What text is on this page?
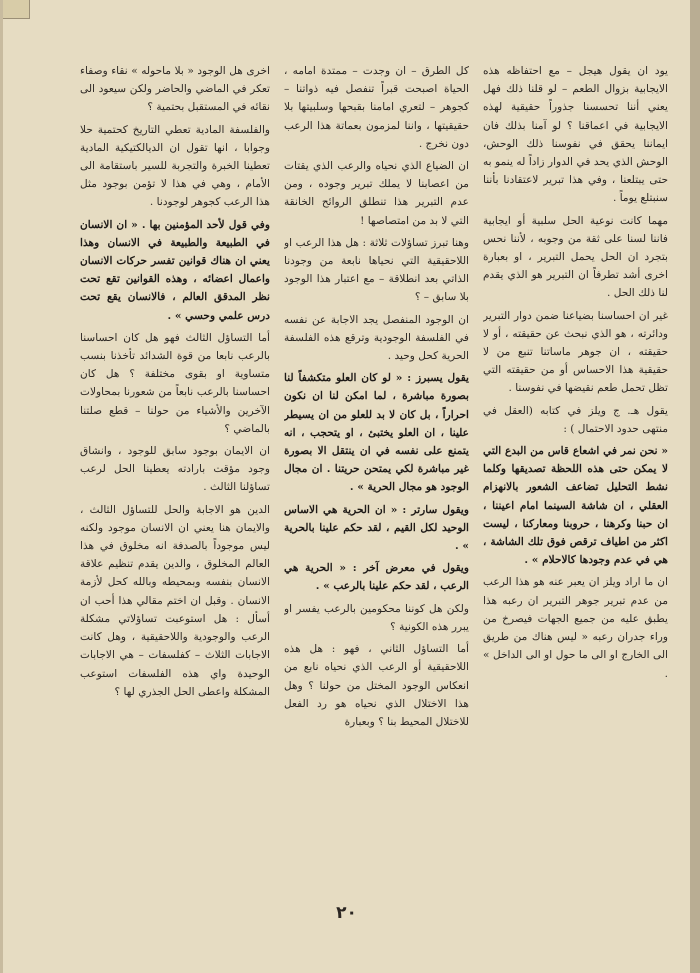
يود ان يقول هيجل – مع احتفاظه هذه الايجابية بزوال الطعم – لو قلنا ذلك فهل يعني أننا تحسسنا جذوراً حقيقية لهذه الايجابية في اعماقنا ؟ لو آمنا بذلك فان ايماننا يحقق في نفوسنا ذلك الوحش، الوحش الذي يحد في الدوار زاداً له ينمو به حتى يبتلعنا ، وفي هذا تبرير لاعتقادنا بأننا سنبتلع يوماً .

مهما كانت نوعية الحل سلبية أو ايجابية فاننا لسنا على ثقة من وجوبه ، لأننا نحس بتجرد ان الحل يحمل التبرير ، او بعبارة اخرى أشد تطرفاً ان التبرير هو الذي يقدم لنا ذلك الحل .

غير ان احساسنا بضياعنا ضمن دوار التبرير ودائرته ، هو الذي نبحث عن حقيقته ، أو لا حقيقته ، ان جوهر ماساتنا تنبع من لا حقيقية هذا الاحساس أو من حقيقته التي تظل تحمل طعم نقيضها في نفوسنا .

يقول هـ. ج ويلز في كتابه (العقل في منتهى حدود الاحتمال ) :

« نحن نمر في اشعاع قاس من البدع التي لا يمكن حتى هذه اللحظة تصديقها وكلما نشط التحليل تضاعف الشعور بالانهزام العقلي ، ان شاشة السينما امام اعيننا ، ان حبنا وكرهنا ، حروبنا ومعاركنا ، ليست اكثر من اطياف ترقص فوق تلك الشاشة ، هي في عدم وجودها كالاحلام » .

ان ما اراد ويلز ان يعبر عنه هو هذا الرعب من عدم تبرير جوهر التبرير ان رعبه هذا يطبق عليه من جميع الجهات فيصرخ من وراء جدران رعبه « ليس هناك من طريق الى الخارج او الى ما حول او الى الداخل » .

كل الطرق – ان وجدت – ممتدة امامه ، الحياة اصبحت قبراً تنفصل فيه ذواتنا – كجوهر – لتعري امامنا بقبحها وسلبيتها بلا حقيقيتها ، واننا لمزمون بعماتة هذا الرعب دون نخرج .

ان الضياع الذي نحياه والرعب الذي يقتات من اعصابنا لا يملك تبرير وجوده ، ومن عدم التبرير هذا تنطلق الروائح الخانقة التي لا بد من امتصاصها !

وهنا تبرز تساؤلات ثلاثة : هل هذا الرعب او اللاحقيقية التي نحياها نابعة من وجودنا الذاتي بعد انطلاقة – مع اعتبار هذا الوجود بلا سابق – ؟

ان الوجود المنفصل يجد الاجابة عن نفسه في الفلسفة الوجودية وترقع هذه الفلسفة الحرية كحل وحيد .

يقول يسبرز : « لو كان العلو متكشفاً لنا بصورة مباشرة ، لما امكن لنا ان نكون احراراً ، بل كان لا بد للعلو من ان يسيطر علينا ، ان العلو يختبئ ، او يتحجب ، انه يتمنع على نفسه في ان ينتقل الا بصورة غير مباشرة لكي يمتحن حريتنا . ان مجال الوجود هو مجال الحرية » .

ويقول سارتر : « ان الحرية هي الاساس الوحيد لكل القيم ، لقد حكم علينا بالحرية » .

ويقول في معرض آخر : « الحرية هي الرعب ، لقد حكم علينا بالرعب » .

ولكن هل كوننا محكومين بالرعب يفسر او يبرر هذه الكونية ؟

أما التساؤل الثاني ، فهو : هل هذه اللاحقيقية أو الرعب الذي نحياه نابع من انعكاس الوجود المختل من حولنا ؟ وهل هذا الاختلال الذي نحياه هو رد الفعل للاختلال المحيط بنا ؟ وبعبارة

اخرى هل الوجود « بلا ماحوله » نقاء وصفاء تعكر في الماضي والحاضر ولكن سيعود الى نقائه في المستقبل بحتمية ؟

والفلسفة المادية تعطي التاريخ كحتمية حلا وجوابا ، انها تقول ان الديالكتيكية المادية تعطينا الخبرة والتجربة للسير باستقامة الى الأمام ، وهي في هذا لا تؤمن بوجود مثل هذا الرعب كجوهر لوجودنا .

وفي قول لأحد المؤمنين بها . « ان الانسان في الطبيعة والطبيعة في الانسان وهذا يعني ان هناك قوانين تفسر حركات الانسان واعمال اعضائه ، وهذه القوانين تقع تحت نظر المدقق العالم ، فالانسان يقع تحت درس علمي وحسي » .

أما التساؤل الثالث فهو هل كان احساسنا بالرعب نابعا من قوة الشدائد تأخذنا بنسب متساوية او بقوى مختلفة ؟ هل كان احساسنا بالرعب نابعاً من شعورنا بمحاولات الآخرين والأشياء من حولنا – قطع صلتنا بالماضي ؟

ان الايمان بوجود سابق للوجود ، وانشاق وجود مؤقت بارادته يعطينا الحل لرعب تساؤلنا الثالث .

الدين هو الاجابة والحل للتساؤل الثالث ، والايمان هنا يعني ان الانسان موجود ولكنه ليس موجوداً بالصدفة انه مخلوق في هذا العالم المخلوق ، والدين يقدم تنظيم علاقة الانسان بنفسه وبمحيطه وبالله كحل لأزمة الانسان . وقبل ان اختم مقالي هذا أحب ان أسأل : هل استوعبت تساؤلاتي مشكلة الرعب والوجودية واللاحقيقية ، وهل كانت الاجابات الثلاث – كفلسفات – هي الاجابات الوحيدة واي هذه الفلسفات استوعب المشكلة واعطى الحل الجذري لها ؟

٢٠
